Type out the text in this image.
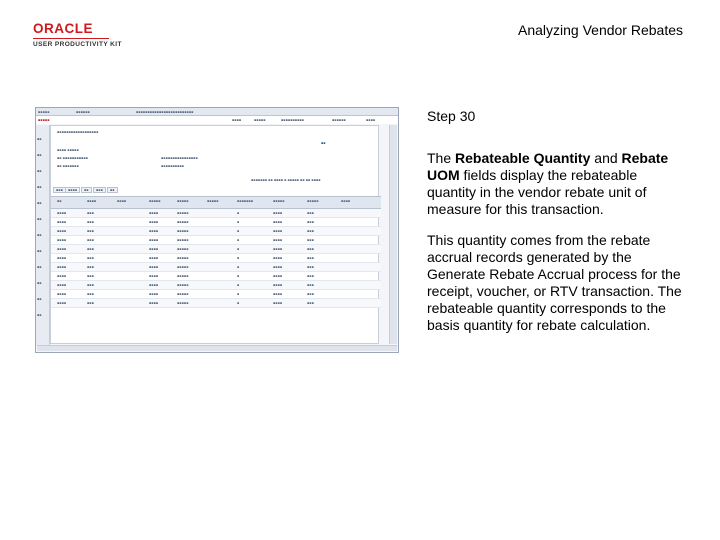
ORACLE
USER PRODUCTIVITY KIT
Analyzing Vendor Rebates
▪▪▪▪▪	▪▪▪▪▪▪	▪▪▪▪▪▪▪▪▪▪▪▪▪▪▪▪▪▪▪▪▪▪▪▪▪
▪▪▪▪▪	▪▪▪▪	▪▪▪▪▪	▪▪▪▪▪▪▪▪▪▪	▪▪▪▪▪▪	▪▪▪▪
▪▪
▪▪
▪▪
▪▪
▪▪
▪▪
▪▪
▪▪
▪▪
▪▪
▪▪
▪▪
▪▪▪▪▪▪▪▪▪▪▪▪▪▪▪▪▪▪
▪▪
▪▪▪▪ ▪▪▪▪▪
▪▪ ▪▪▪▪▪▪▪▪▪▪▪
▪▪ ▪▪▪▪▪▪▪
▪▪▪▪▪▪▪▪▪▪▪▪▪▪▪▪
▪▪▪▪▪▪▪▪▪▪
▪▪▪▪▪▪▪ ▪▪ ▪▪▪▪ ▪ ▪▪▪▪▪ ▪▪ ▪▪ ▪▪▪▪
▪▪▪	▪▪▪▪	▪▪	▪▪▪	▪▪
▪▪	▪▪▪▪	▪▪▪▪	▪▪▪▪▪	▪▪▪▪▪	▪▪▪▪▪	▪▪▪▪▪▪▪	▪▪▪▪▪	▪▪▪▪▪	▪▪▪▪
▪▪▪▪	▪▪▪	▪▪▪▪	▪▪▪▪▪	▪	▪▪▪▪	▪▪▪
▪▪▪▪	▪▪▪	▪▪▪▪	▪▪▪▪▪	▪	▪▪▪▪	▪▪▪
▪▪▪▪	▪▪▪	▪▪▪▪	▪▪▪▪▪	▪	▪▪▪▪	▪▪▪
▪▪▪▪	▪▪▪	▪▪▪▪	▪▪▪▪▪	▪	▪▪▪▪	▪▪▪
▪▪▪▪	▪▪▪	▪▪▪▪	▪▪▪▪▪	▪	▪▪▪▪	▪▪▪
▪▪▪▪	▪▪▪	▪▪▪▪	▪▪▪▪▪	▪	▪▪▪▪	▪▪▪
▪▪▪▪	▪▪▪	▪▪▪▪	▪▪▪▪▪	▪	▪▪▪▪	▪▪▪
▪▪▪▪	▪▪▪	▪▪▪▪	▪▪▪▪▪	▪	▪▪▪▪	▪▪▪
▪▪▪▪	▪▪▪	▪▪▪▪	▪▪▪▪▪	▪	▪▪▪▪	▪▪▪
▪▪▪▪	▪▪▪	▪▪▪▪	▪▪▪▪▪	▪	▪▪▪▪	▪▪▪
▪▪▪▪	▪▪▪	▪▪▪▪	▪▪▪▪▪	▪	▪▪▪▪	▪▪▪
Step 30

The Rebateable Quantity and Rebate UOM fields display the rebateable quantity in the vendor rebate unit of measure for this transaction.

This quantity comes from the rebate accrual records generated by the Generate Rebate Accrual process for the receipt, voucher, or RTV transaction. The rebateable quantity corresponds to the basis quantity for rebate calculation.
